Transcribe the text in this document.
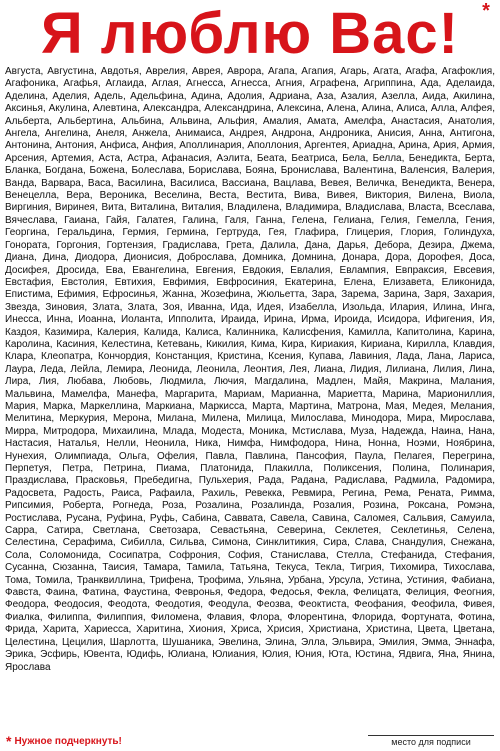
Я люблю Вас!	*

Августа, Августина, Авдотья, Аврелия, Аврея, Аврора, Агапа, Агапия, Агарь, Агата, Агафа, Агафоклия, Агафоника, Агафья, Аглаида, Аглая, Агнесса, Агнесса, Агния, Аграфена, Агриппина, Ада, Аделаида, Аделина, Аделия, Адель, Адельфина, Адина, Адолия, Адриана, Аза, Азалия, Азелла, Аида, Акилина, Аксинья, Акулина, Алевтина, Александра, Александрина, Алексина, Алена, Алина, Алиса, Алла, Алфея, Альберта, Альбертина, Альбина, Альвина, Альфия, Амалия, Амата, Амелфа, Анастасия, Анатолия, Ангела, Ангелина, Анеля, Анжела, Анимаиса, Андрея, Андрона, Андроника, Анисия, Анна, Антигона, Антонина, Антония, Анфиса, Анфия, Аполлинария, Аполлония, Аргентея, Ариадна, Арина, Ария, Армия, Арсения, Артемия, Аста, Астра, Афанасия, Аэлита, Беата, Беатриса, Бела, Белла, Бенедикта, Берта, Бланка, Богдана, Божена, Болеслава, Борислава, Бояна, Бронислава, Валентина, Валенсия, Валерия, Ванда, Варвара, Васа, Василина, Василиса, Вассиана, Вацлава, Вевея, Величка, Венедикта, Венера, Венецелла, Вера, Вероника, Веселина, Веста, Вестита, Вива, Вивея, Виктория, Вилена, Виола, Виргиния, Виринея, Вита, Виталина, Виталия, Владилена, Владимира, Владислава, Власта, Всеслава, Вячеслава, Гаиана, Гайя, Галатея, Галина, Галя, Ганна, Гелена, Гелиана, Гелия, Гемелла, Гения, Георгина, Геральдина, Гермия, Гермина, Гертруда, Гея, Глафира, Глицерия, Глория, Голиндуха, Гонората, Горгония, Гортензия, Градислава, Грета, Далила, Дана, Дарья, Дебора, Дезира, Джема, Диана, Дина, Диодора, Дионисия, Доброслава, Домника, Домнина, Донара, Дора, Дорофея, Доса, Досифея, Дросида, Ева, Евангелина, Евгения, Евдокия, Евлалия, Евлампия, Евпраксия, Евсевия, Евстафия, Евстолия, Евтихия, Евфимия, Евфросиния, Екатерина, Елена, Елизавета, Еликонида, Епистима, Ефимия, Ефросинья, Жанна, Жозефина, Жюльетта, Зара, Зарема, Зарина, Заря, Захария, Звезда, Зиновия, Злата, Злата, Зоя, Иванна, Ида, Идея, Изабелла, Изольда, Илария, Илина, Инга, Инесса, Инна, Иоанна, Иоланта, Ипполита, Ираида, Ирина, Ирма, Ироида, Исидора, Ифигения, Ия, Каздоя, Казимира, Калерия, Калида, Калиса, Калинника, Калисфения, Камилла, Капитолина, Карина, Каролина, Касиния, Келестина, Кетевань, Кикилия, Кима, Кира, Кириакия, Кириана, Кирилла, Клавдия, Клара, Клеопатра, Кончордия, Констанция, Кристина, Ксения, Купава, Лавиния, Лада, Лана, Лариса, Лаура, Леда, Лейла, Лемира, Леонида, Леонила, Леонтия, Лея, Лиана, Лидия, Лилиана, Лилия, Лина, Лира, Лия, Любава, Любовь, Людмила, Лючия, Магдалина, Мадлен, Майя, Макрина, Малания, Мальвина, Мамелфа, Манефа, Маргарита, Мариам, Марианна, Мариетта, Марина, Мариониллия, Мария, Марка, Маркеллина, Маркиана, Маркисса, Марта, Мартина, Матрона, Мая, Медея, Мелания, Мелитина, Меркурия, Мерона, Милана, Милена, Милица, Милослава, Минодора, Мира, Мирослава, Мирра, Митродора, Михаилина, Млада, Модеста, Моника, Мстислава, Муза, Надежда, Наина, Нана, Настасия, Наталья, Нелли, Неонила, Ника, Нимфа, Нимфодора, Нина, Нонна, Ноэми, Ноябрина, Нунехия, Олимпиада, Ольга, Офелия, Павла, Павлина, Пансофия, Паула, Пелагея, Перегрина, Перпетуя, Петра, Петрина, Пиама, Платонида, Плакилла, Поликсения, Полина, Полинария, Праздислава, Прасковья, Пребедигна, Пульхерия, Рада, Радана, Радислава, Радмила, Радомира, Радосвета, Радость, Раиса, Рафаила, Рахиль, Ревекка, Ревмира, Регина, Рема, Рената, Римма, Рипсимия, Роберта, Рогнеда, Роза, Розалина, Розалинда, Розалия, Розина, Роксана, Ромэна, Ростислава, Русана, Руфина, Руфь, Сабина, Саввата, Савела, Савина, Саломея, Сальвия, Самуила, Сарра, Сатира, Светлана, Светозара, Севастьяна, Северина, Секлетея, Секлетинья, Селена, Селестина, Серафима, Сибилла, Сильва, Симона, Синклитикия, Сира, Слава, Снандулия, Снежана, Сола, Соломонида, Сосипатра, Софрония, София, Станислава, Стелла, Стефанида, Стефания, Сусанна, Сюзанна, Таисия, Тамара, Тамила, Татьяна, Текуса, Текла, Тигрия, Тихомира, Тихослава, Тома, Томила, Транквиллина, Трифена, Трофима, Ульяна, Урбана, Урсула, Устина, Устиния, Фабиана, Фавста, Фаина, Фатина, Фаустина, Февронья, Федора, Федосья, Фекла, Фелицата, Фелиция, Феогния, Феодора, Феодосия, Феодота, Феодотия, Феодула, Феозва, Феоктиста, Феофания, Феофила, Фивея, Фиалка, Филиппа, Филиппия, Филомена, Флавия, Флора, Флорентина, Флорида, Фортуната, Фотина, Фрида, Харита, Хариесса, Харитина, Хиония, Хриса, Хрисия, Христиана, Христина, Цвета, Цветана, Целестина, Цецилия, Шарлотта, Шушаника, Эвелина, Элина, Элла, Эльвира, Эмилия, Эмма, Эннафа, Эрика, Эсфирь, Ювента, Юдифь, Юлиана, Юлиания, Юлия, Юния, Юта, Юстина, Ядвига, Яна, Янина, Ярослава

* Нужное подчеркнуть!	место для подписи
